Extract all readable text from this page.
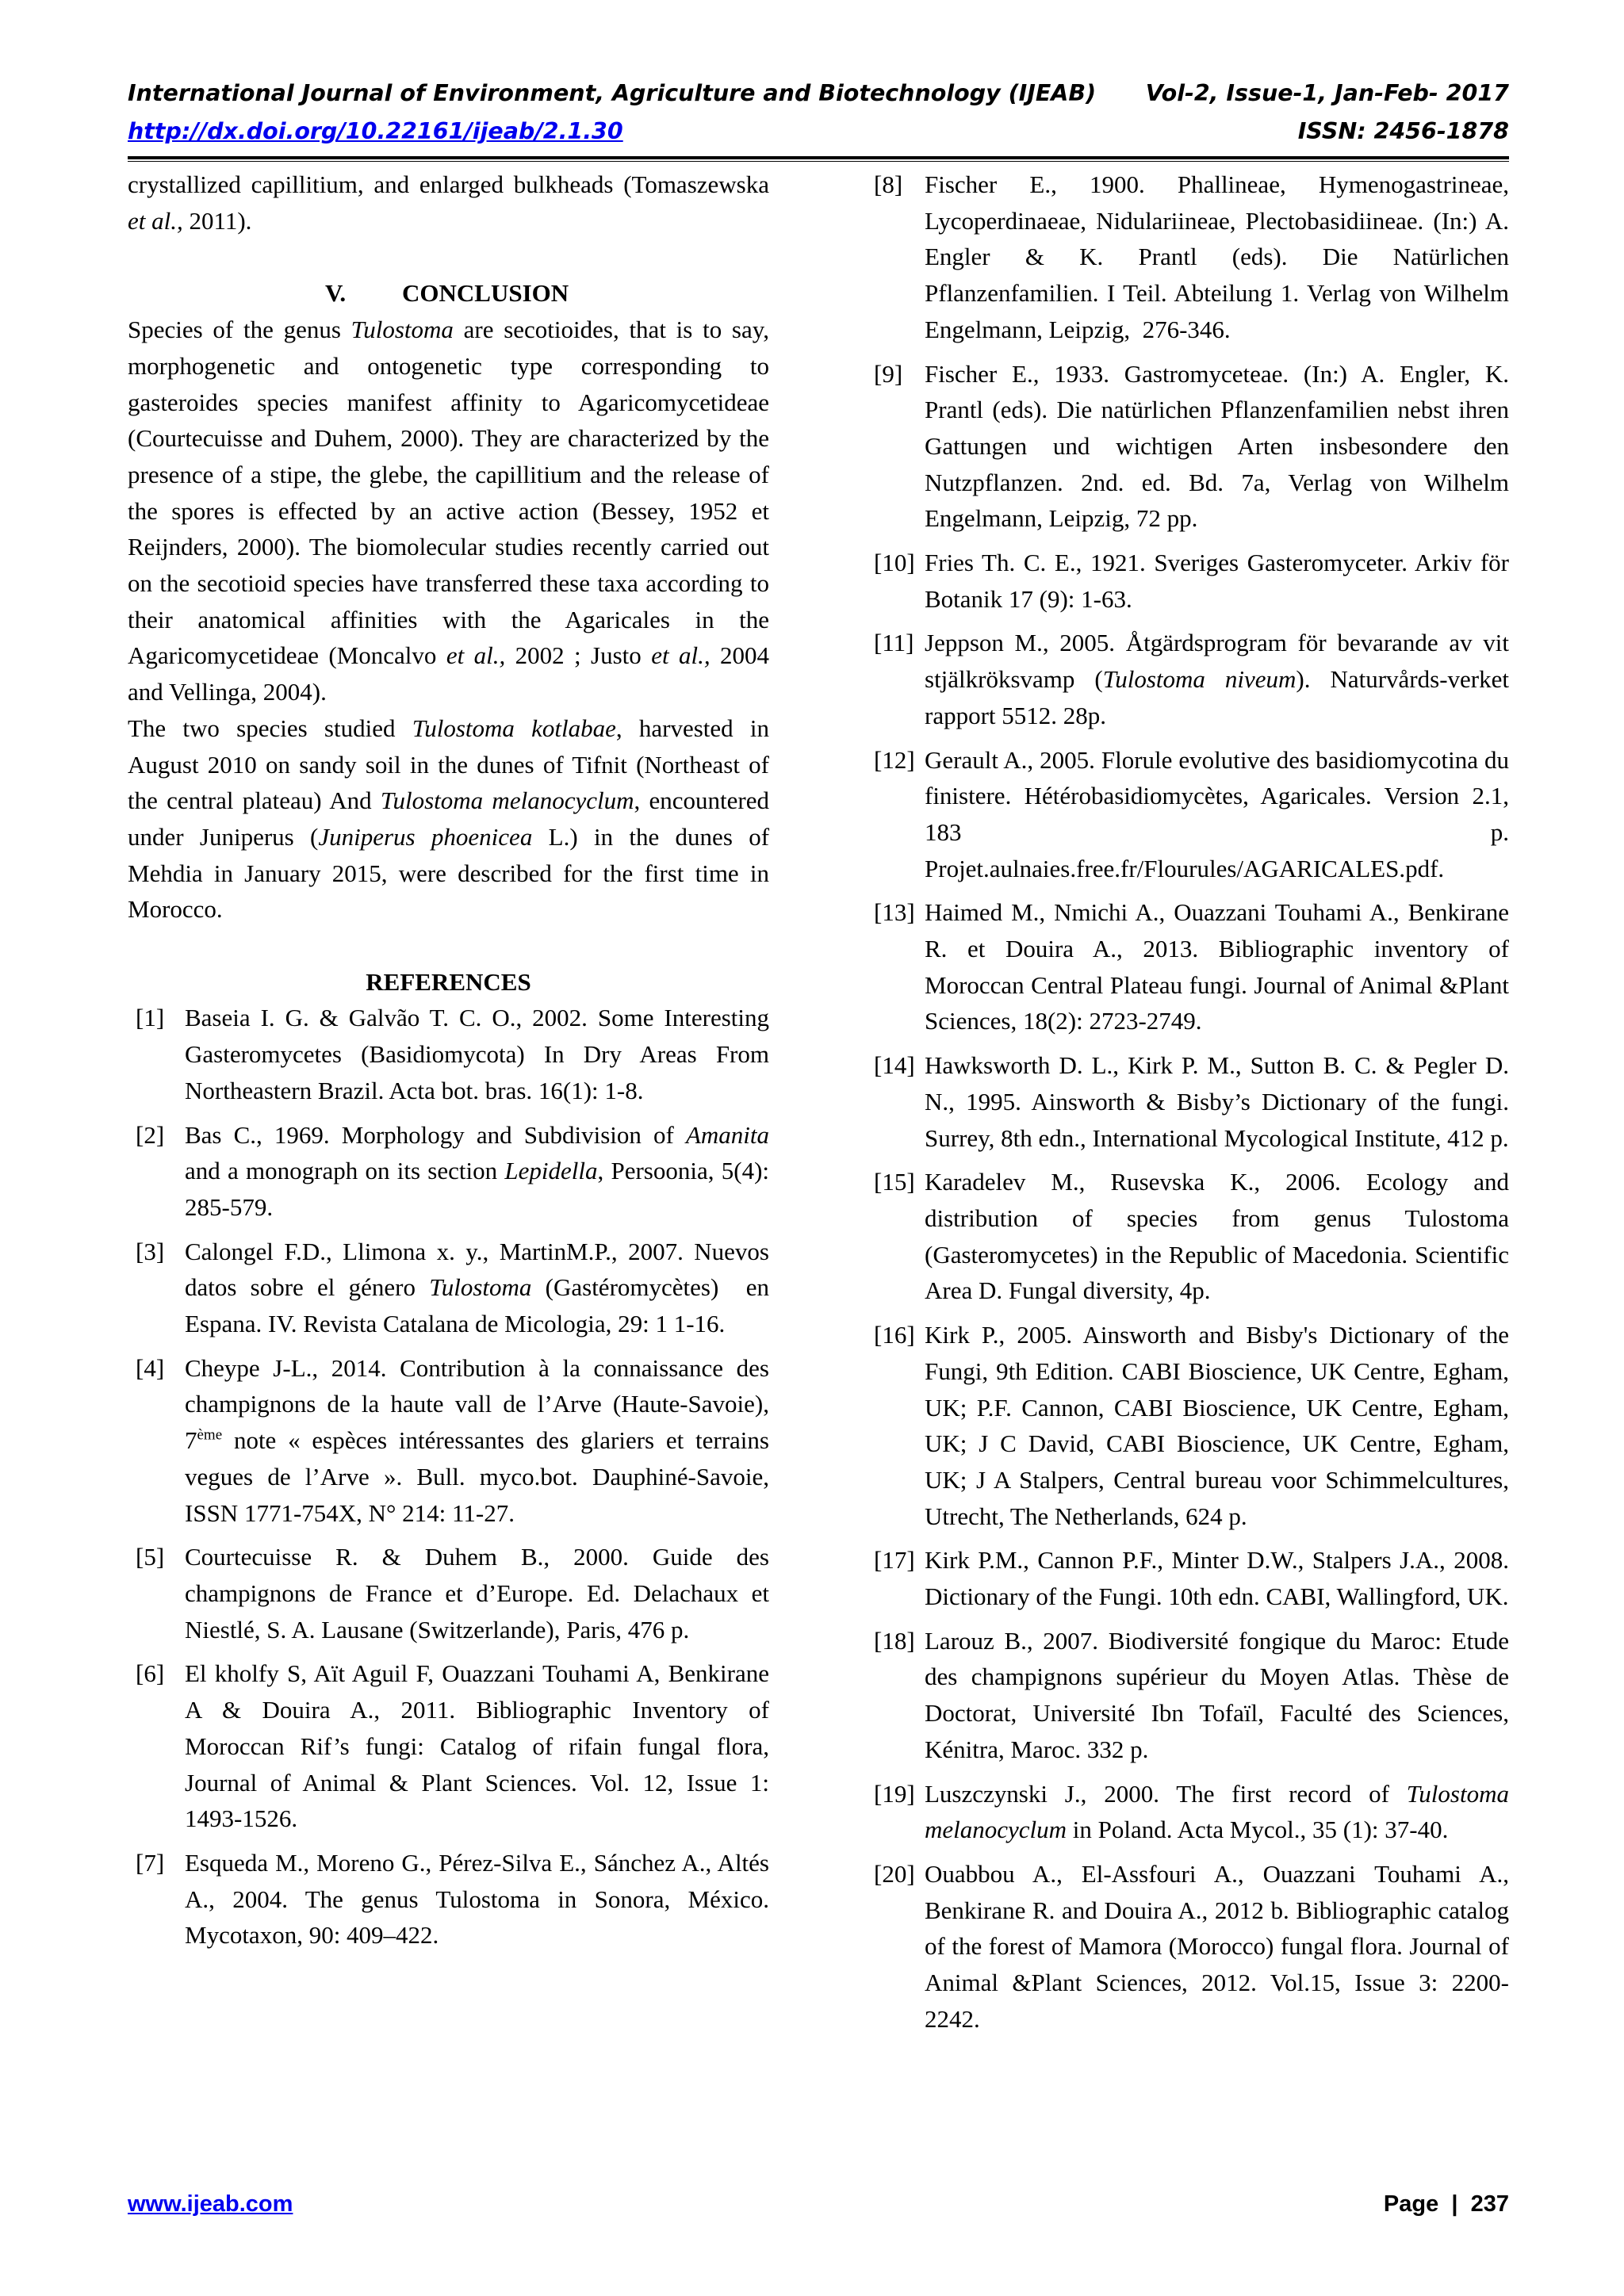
International Journal of Environment, Agriculture and Biotechnology (IJEAB) Vol-2, Issue-1, Jan-Feb- 2017
http://dx.doi.org/10.22161/ijeab/2.1.30	ISSN: 2456-1878

crystallized capillitium, and enlarged bulkheads (Tomaszewska et al., 2011).

V. CONCLUSION

Species of the genus Tulostoma are secotioides, that is to say, morphogenetic and ontogenetic type corresponding to gasteroides species manifest affinity to Agaricomycetideae (Courtecuisse and Duhem, 2000). They are characterized by the presence of a stipe, the glebe, the capillitium and the release of the spores is effected by an active action (Bessey, 1952 et Reijnders, 2000). The biomolecular studies recently carried out on the secotioid species have transferred these taxa according to their anatomical affinities with the Agaricales in the Agaricomycetideae (Moncalvo et al., 2002 ; Justo et al., 2004 and Vellinga, 2004).

The two species studied Tulostoma kotlabae, harvested in August 2010 on sandy soil in the dunes of Tifnit (Northeast of the central plateau) And Tulostoma melanocyclum, encountered under Juniperus (Juniperus phoenicea L.) in the dunes of Mehdia in January 2015, were described for the first time in Morocco.

REFERENCES

[1] Baseia I. G. & Galvão T. C. O., 2002. Some Interesting Gasteromycetes (Basidiomycota) In Dry Areas From Northeastern Brazil. Acta bot. bras. 16(1): 1-8.
[2] Bas C., 1969. Morphology and Subdivision of Amanita and a monograph on its section Lepidella, Persoonia, 5(4): 285-579.
[3] Calongel F.D., Llimona x. y., MartinM.P., 2007. Nuevos datos sobre el género Tulostoma (Gastéromycètes)  en Espana. IV. Revista Catalana de Micologia, 29: 1 1-16.
[4] Cheype J-L., 2014. Contribution à la connaissance des champignons de la haute vall de l’Arve (Haute-Savoie), 7ème note « espèces intéressantes des glariers et terrains vegues de l’Arve ». Bull. myco.bot. Dauphiné-Savoie, ISSN 1771-754X, N° 214: 11-27.
[5] Courtecuisse R. & Duhem B., 2000. Guide des champignons de France et d’Europe. Ed. Delachaux et Niestlé, S. A. Lausane (Switzerlande), Paris, 476 p.
[6] El kholfy S, Aït Aguil F, Ouazzani Touhami A, Benkirane A & Douira A., 2011. Bibliographic Inventory of Moroccan Rif’s fungi: Catalog of rifain fungal flora, Journal of Animal & Plant Sciences. Vol. 12, Issue 1: 1493-1526.
[7] Esqueda M., Moreno G., Pérez-Silva E., Sánchez A., Altés A., 2004. The genus Tulostoma in Sonora, México. Mycotaxon, 90: 409–422.
[8] Fischer E., 1900. Phallineae, Hymenogastrineae, Lycoperdinaeae, Nidulariineae, Plectobasidiineae. (In:) A. Engler & K. Prantl (eds). Die Natürlichen Pflanzenfamilien. I Teil. Abteilung 1. Verlag von Wilhelm Engelmann, Leipzig,  276-346.
[9] Fischer E., 1933. Gastromyceteae. (In:) A. Engler, K. Prantl (eds). Die natürlichen Pflanzenfamilien nebst ihren Gattungen und wichtigen Arten insbesondere den Nutzpflanzen. 2nd. ed. Bd. 7a, Verlag von Wilhelm Engelmann, Leipzig, 72 pp.
[10] Fries Th. C. E., 1921. Sveriges Gasteromyceter. Arkiv för Botanik 17 (9): 1-63.
[11] Jeppson M., 2005. Åtgärdsprogram för bevarande av vit stjälkröksvamp (Tulostoma niveum). Naturvårds-verket rapport 5512. 28p.
[12] Gerault A., 2005. Florule evolutive des basidiomycotina du finistere. Hétérobasidiomycètes, Agaricales. Version 2.1, 183 p. Projet.aulnaies.free.fr/Flourules/AGARICALES.pdf.
[13] Haimed M., Nmichi A., Ouazzani Touhami A., Benkirane R. et Douira A., 2013. Bibliographic inventory of Moroccan Central Plateau fungi. Journal of Animal &Plant Sciences, 18(2): 2723-2749.
[14] Hawksworth D. L., Kirk P. M., Sutton B. C. & Pegler D. N., 1995. Ainsworth & Bisby’s Dictionary of the fungi. Surrey, 8th edn., International Mycological Institute, 412 p.
[15] Karadelev M., Rusevska K., 2006. Ecology and distribution of species from genus Tulostoma (Gasteromycetes) in the Republic of Macedonia. Scientific Area D. Fungal diversity, 4p.
[16] Kirk P., 2005. Ainsworth and Bisby's Dictionary of the Fungi, 9th Edition. CABI Bioscience, UK Centre, Egham, UK; P.F. Cannon, CABI Bioscience, UK Centre, Egham, UK; J C David, CABI Bioscience, UK Centre, Egham, UK; J A Stalpers, Central bureau voor Schimmelcultures, Utrecht, The Netherlands, 624 p.
[17] Kirk P.M., Cannon P.F., Minter D.W., Stalpers J.A., 2008. Dictionary of the Fungi. 10th edn. CABI, Wallingford, UK.
[18] Larouz B., 2007. Biodiversité fongique du Maroc: Etude des champignons supérieur du Moyen Atlas. Thèse de Doctorat, Université Ibn Tofaïl, Faculté des Sciences, Kénitra, Maroc. 332 p.
[19] Luszczynski J., 2000. The first record of Tulostoma melanocyclum in Poland. Acta Mycol., 35 (1): 37-40.
[20] Ouabbou A., El-Assfouri A., Ouazzani Touhami A., Benkirane R. and Douira A., 2012 b. Bibliographic catalog of the forest of Mamora (Morocco) fungal flora. Journal of Animal &Plant Sciences, 2012. Vol.15, Issue 3: 2200-2242.
www.ijeab.com	Page  |  237
